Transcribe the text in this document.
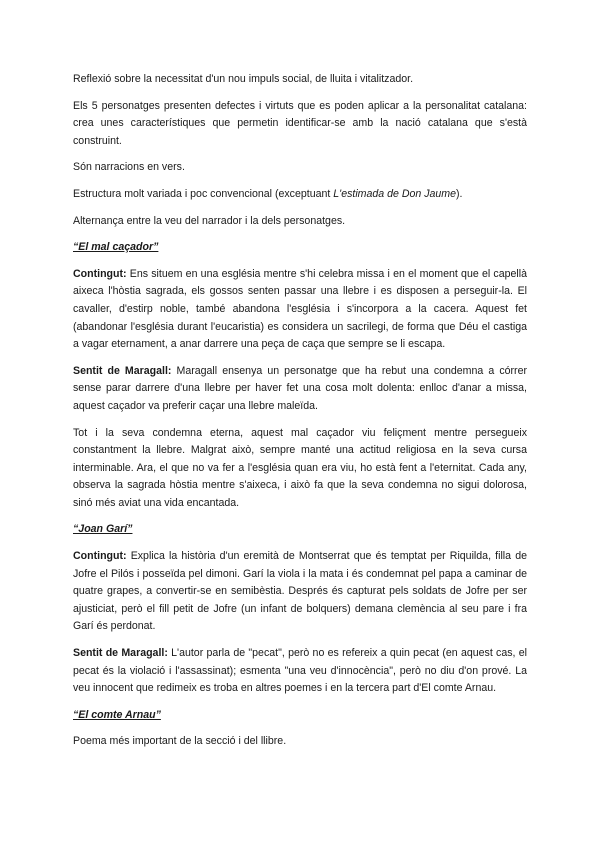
Reflexió sobre la necessitat d'un nou impuls social, de lluita i vitalitzador.

Els 5 personatges presenten defectes i virtuts que es poden aplicar a la personalitat catalana: crea unes característiques que permetin identificar-se amb la nació catalana que s'està construint.

Són narracions en vers.

Estructura molt variada i poc convencional (exceptuant L'estimada de Don Jaume).

Alternança entre la veu del narrador i la dels personatges.

“El mal caçador”

Contingut: Ens situem en una església mentre s'hi celebra missa i en el moment que el capellà aixeca l'hòstia sagrada, els gossos senten passar una llebre i es disposen a perseguir-la. El cavaller, d'estirp noble, també abandona l'església i s'incorpora a la cacera. Aquest fet (abandonar l'església durant l'eucaristia) es considera un sacrilegi, de forma que Déu el castiga a vagar eternament, a anar darrere una peça de caça que sempre se li escapa.

Sentit de Maragall: Maragall ensenya un personatge que ha rebut una condemna a córrer sense parar darrere d'una llebre per haver fet una cosa molt dolenta: enlloc d'anar a missa, aquest caçador va preferir caçar una llebre maleïda.

Tot i la seva condemna eterna, aquest mal caçador viu feliçment mentre persegueix constantment la llebre. Malgrat això, sempre manté una actitud religiosa en la seva cursa interminable. Ara, el que no va fer a l'església quan era viu, ho està fent a l'eternitat. Cada any, observa la sagrada hòstia mentre s'aixeca, i això fa que la seva condemna no sigui dolorosa, sinó més aviat una vida encantada.

“Joan Garí”

Contingut: Explica la història d'un eremità de Montserrat que és temptat per Riquilda, filla de Jofre el Pilós i posseïda pel dimoni. Garí la viola i la mata i és condemnat pel papa a caminar de quatre grapes, a convertir-se en semibèstia. Després és capturat pels soldats de Jofre per ser ajusticiat, però el fill petit de Jofre (un infant de bolquers) demana clemència al seu pare i fra Garí és perdonat.

Sentit de Maragall: L'autor parla de "pecat", però no es refereix a quin pecat (en aquest cas, el pecat és la violació i l'assassinat); esmenta "una veu d'innocència", però no diu d'on prové. La veu innocent que redimeix es troba en altres poemes i en la tercera part d'El comte Arnau.

“El comte Arnau”

Poema més important de la secció i del llibre.
